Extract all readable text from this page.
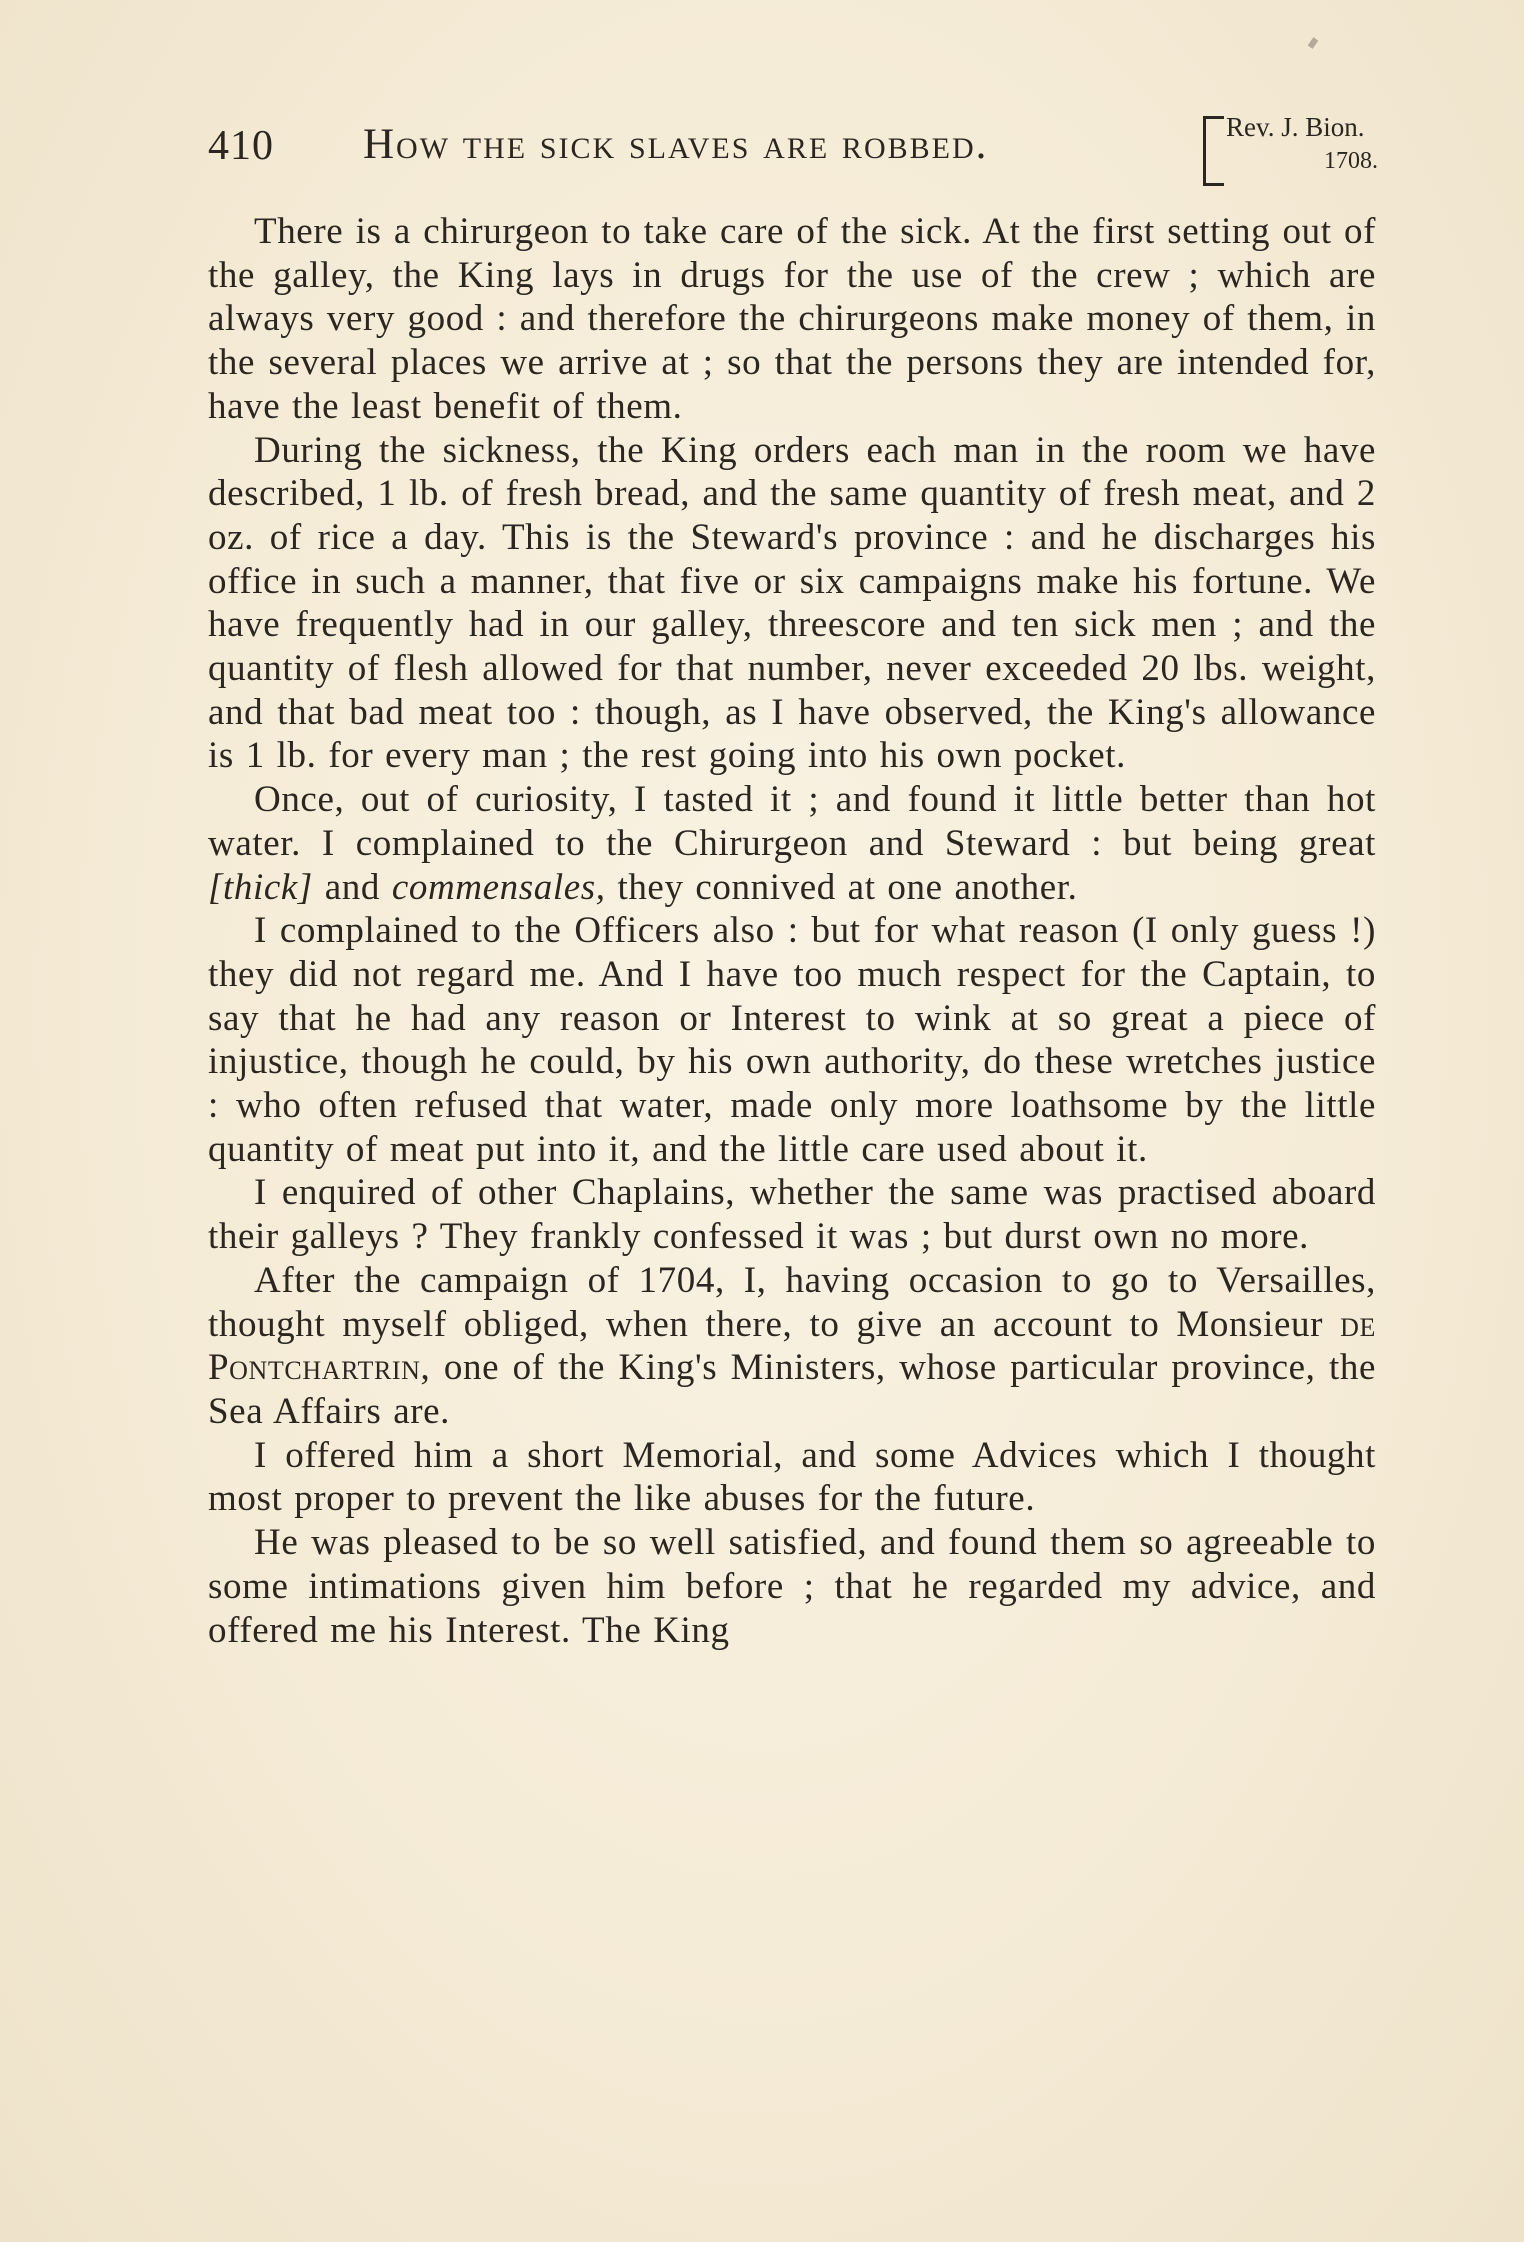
410 How the sick slaves are robbed.	Rev. J. Bion.
1708.

There is a chirurgeon to take care of the sick. At the first setting out of the galley, the King lays in drugs for the use of the crew ; which are always very good : and therefore the chirurgeons make money of them, in the several places we arrive at ; so that the persons they are intended for, have the least benefit of them.

During the sickness, the King orders each man in the room we have described, 1 lb. of fresh bread, and the same quantity of fresh meat, and 2 oz. of rice a day. This is the Steward's province : and he discharges his office in such a manner, that five or six campaigns make his fortune. We have frequently had in our galley, threescore and ten sick men ; and the quantity of flesh allowed for that number, never exceeded 20 lbs. weight, and that bad meat too : though, as I have observed, the King's allowance is 1 lb. for every man ; the rest going into his own pocket.

Once, out of curiosity, I tasted it ; and found it little better than hot water. I complained to the Chirurgeon and Steward : but being great [thick] and commensales, they connived at one another.

I complained to the Officers also : but for what reason (I only guess !) they did not regard me. And I have too much respect for the Captain, to say that he had any reason or Interest to wink at so great a piece of injustice, though he could, by his own authority, do these wretches justice : who often refused that water, made only more loathsome by the little quantity of meat put into it, and the little care used about it.

I enquired of other Chaplains, whether the same was practised aboard their galleys ? They frankly confessed it was ; but durst own no more.

After the campaign of 1704, I, having occasion to go to Versailles, thought myself obliged, when there, to give an account to Monsieur de Pontchartrin, one of the King's Ministers, whose particular province, the Sea Affairs are.

I offered him a short Memorial, and some Advices which I thought most proper to prevent the like abuses for the future.

He was pleased to be so well satisfied, and found them so agreeable to some intimations given him before ; that he regarded my advice, and offered me his Interest. The King
